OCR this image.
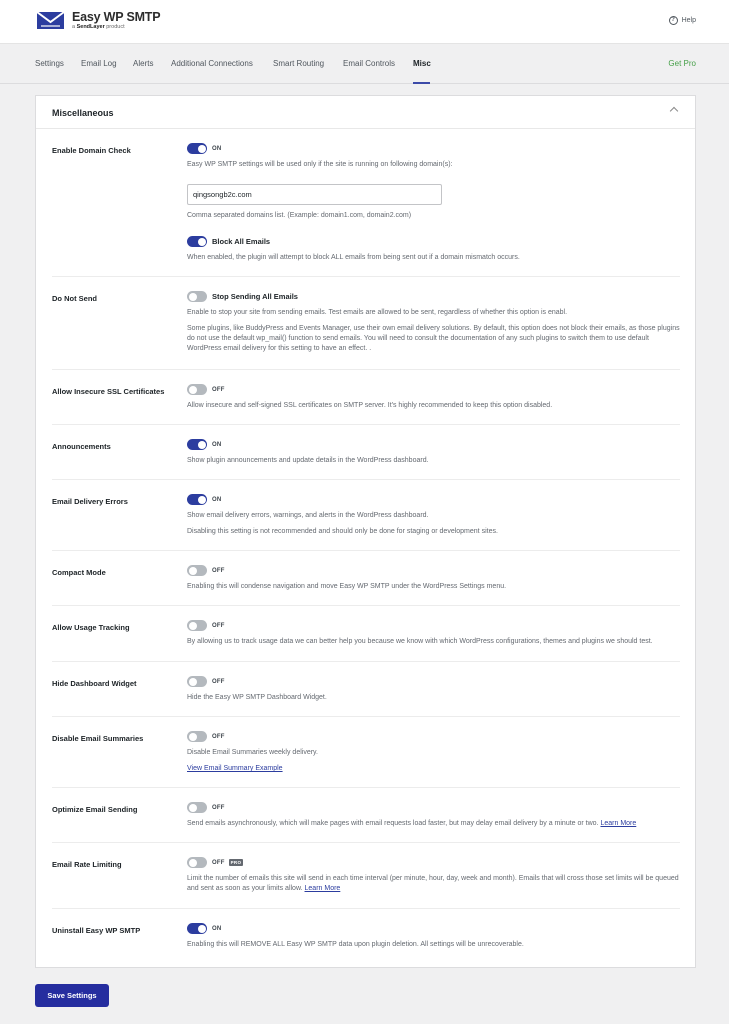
Easy WP SMTP
a SendLayer product
? Help
Settings Email Log Alerts Additional Connections	Smart Routing Email Controls Misc	Get Pro
Miscellaneous
Enable Domain Check	ON
Easy WP SMTP settings will be used only if the site is running on following domain(s):
qingsongb2c.com
Comma separated domains list. (Example: domain1.com, domain2.com)
Block All Emails
When enabled, the plugin will attempt to block ALL emails from being sent out if a domain mismatch occurs.
Do Not Send	Stop Sending All Emails
Enable to stop your site from sending emails. Test emails are allowed to be sent, regardless of whether this option is enabl.
Some plugins, like BuddyPress and Events Manager, use their own email delivery solutions. By default, this option does not block their emails, as those plugins do not use the default wp_mail() function to send emails. You will need to consult the documentation of any such plugins to switch them to use default WordPress email delivery for this setting to have an effect. .
Allow Insecure SSL Certificates	OFF
Allow insecure and self-signed SSL certificates on SMTP server. It's highly recommended to keep this option disabled.
Announcements	ON
Show plugin announcements and update details in the WordPress dashboard.
Email Delivery Errors	ON
Show email delivery errors, warnings, and alerts in the WordPress dashboard.
Disabling this setting is not recommended and should only be done for staging or development sites.
Compact Mode	OFF
Enabling this will condense navigation and move Easy WP SMTP under the WordPress Settings menu.
Allow Usage Tracking	OFF
By allowing us to track usage data we can better help you because we know with which WordPress configurations, themes and plugins we should test.
Hide Dashboard Widget	OFF
Hide the Easy WP SMTP Dashboard Widget.
Disable Email Summaries	OFF
Disable Email Summaries weekly delivery.
View Email Summary Example
Optimize Email Sending	OFF
Send emails asynchronously, which will make pages with email requests load faster, but may delay email delivery by a minute or two. Learn More
Email Rate Limiting	OFF	PRO
Limit the number of emails this site will send in each time interval (per minute, hour, day, week and month). Emails that will cross those set limits will be queued and sent as soon as your limits allow. Learn More
Uninstall Easy WP SMTP	ON
Enabling this will REMOVE ALL Easy WP SMTP data upon plugin deletion. All settings will be unrecoverable.
Save Settings
